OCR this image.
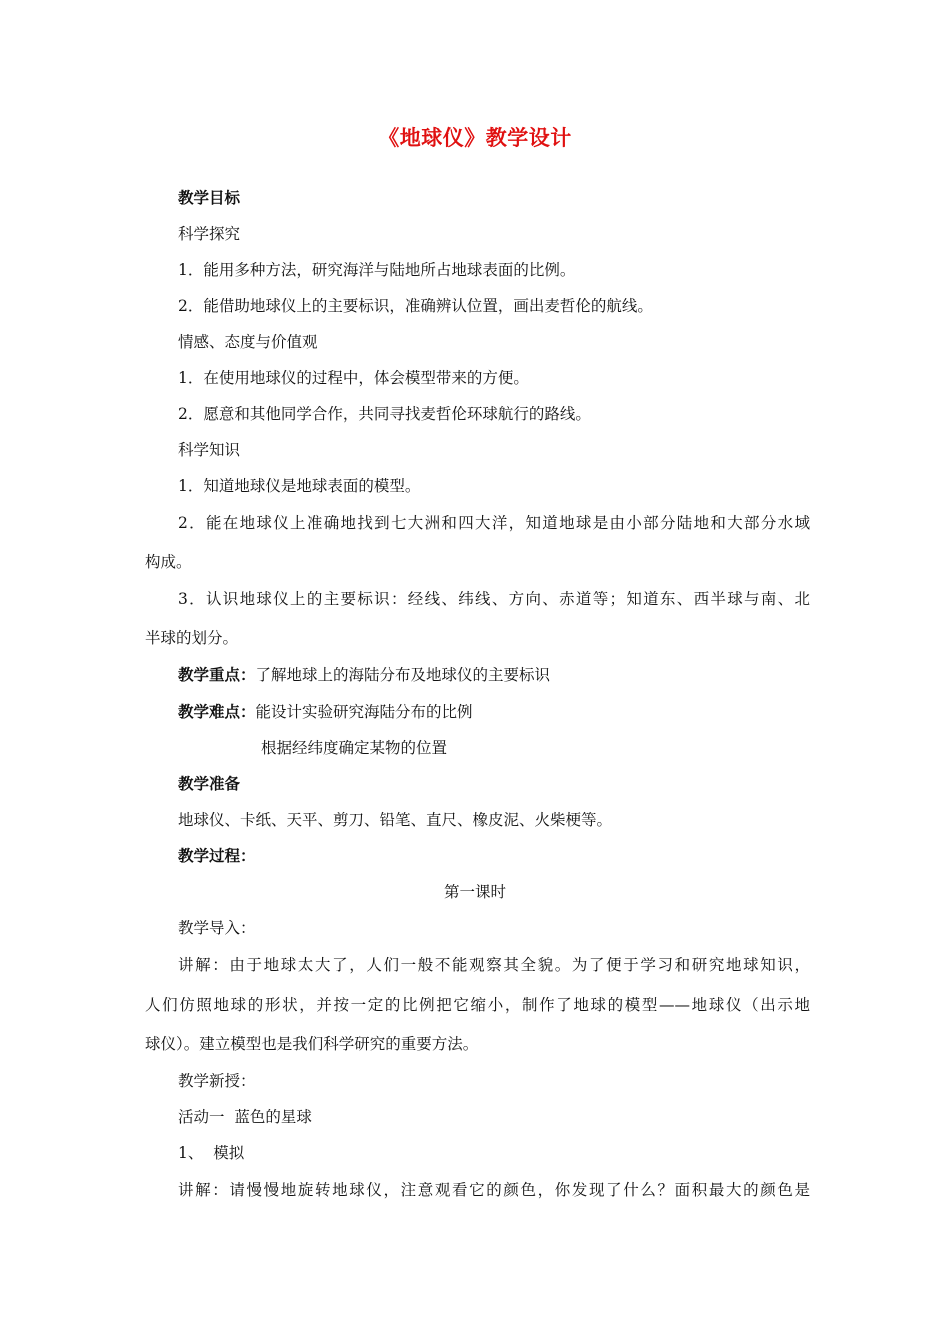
《地球仪》教学设计
教学目标
科学探究
1．能用多种方法，研究海洋与陆地所占地球表面的比例。
2．能借助地球仪上的主要标识，准确辨认位置，画出麦哲伦的航线。
情感、态度与价值观
1．在使用地球仪的过程中，体会模型带来的方便。
2．愿意和其他同学合作，共同寻找麦哲伦环球航行的路线。
科学知识
1．知道地球仪是地球表面的模型。
2．能在地球仪上准确地找到七大洲和四大洋，知道地球是由小部分陆地和大部分水域
构成。
3．认识地球仪上的主要标识：经线、纬线、方向、赤道等；知道东、西半球与南、北
半球的划分。
教学重点：了解地球上的海陆分布及地球仪的主要标识
教学难点：能设计实验研究海陆分布的比例
根据经纬度确定某物的位置
教学准备
地球仪、卡纸、天平、剪刀、铅笔、直尺、橡皮泥、火柴梗等。
教学过程：
第一课时
教学导入：
讲解：由于地球太大了，人们一般不能观察其全貌。为了便于学习和研究地球知识，
人们仿照地球的形状，并按一定的比例把它缩小，制作了地球的模型——地球仪（出示地
球仪）。建立模型也是我们科学研究的重要方法。
教学新授：
活动一  蓝色的星球
1、  模拟
讲解：请慢慢地旋转地球仪，注意观看它的颜色，你发现了什么？面积最大的颜色是
